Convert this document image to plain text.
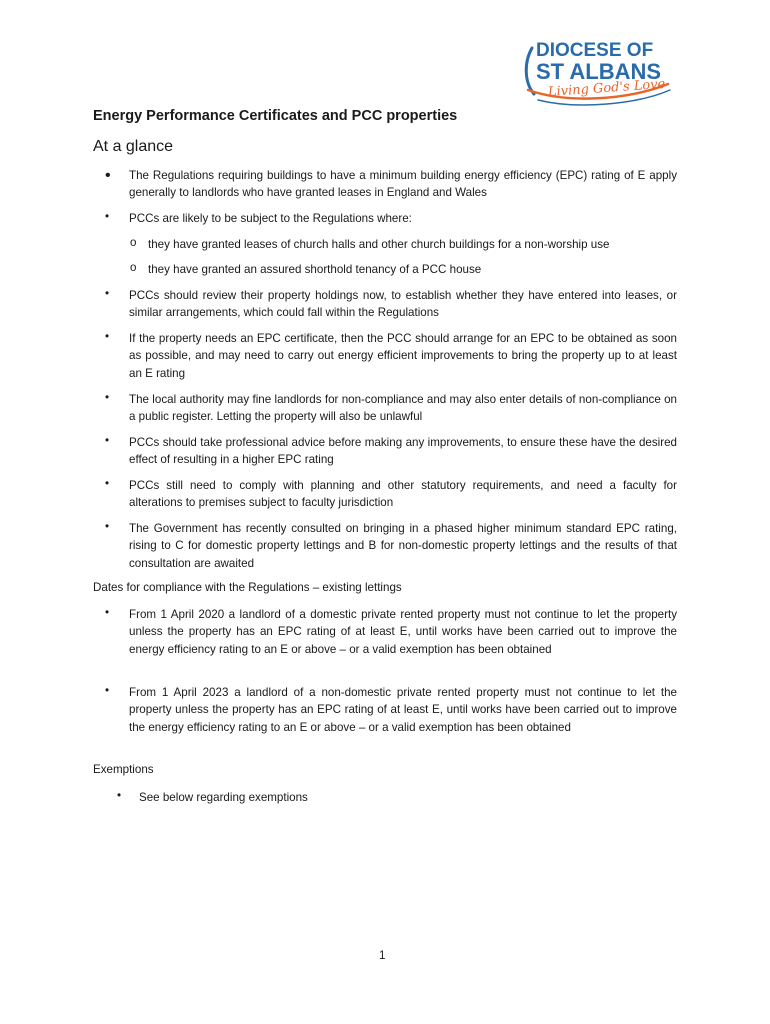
DIOCESE OF
ST ALBANS
Living God's Love
Energy Performance Certificates and PCC properties
At a glance
• The Regulations requiring buildings to have a minimum building energy efficiency (EPC) rating of E apply generally to landlords who have granted leases in England and Wales
• PCCs are likely to be subject to the Regulations where:
o they have granted leases of church halls and other church buildings for a non-worship use
o they have granted an assured shorthold tenancy of a PCC house
• PCCs should review their property holdings now, to establish whether they have entered into leases, or similar arrangements, which could fall within the Regulations
• If the property needs an EPC certificate, then the PCC should arrange for an EPC to be obtained as soon as possible, and may need to carry out energy efficient improvements to bring the property up to at least an E rating
• The local authority may fine landlords for non-compliance and may also enter details of non-compliance on a public register. Letting the property will also be unlawful
• PCCs should take professional advice before making any improvements, to ensure these have the desired effect of resulting in a higher EPC rating
• PCCs still need to comply with planning and other statutory requirements, and need a faculty for alterations to premises subject to faculty jurisdiction
• The Government has recently consulted on bringing in a phased higher minimum standard EPC rating, rising to C for domestic property lettings and B for non-domestic property lettings and the results of that consultation are awaited
Dates for compliance with the Regulations – existing lettings
• From 1 April 2020 a landlord of a domestic private rented property must not continue to let the property unless the property has an EPC rating of at least E, until works have been carried out to improve the energy efficiency rating to an E or above – or a valid exemption has been obtained
• From 1 April 2023 a landlord of a non-domestic private rented property must not continue to let the property unless the property has an EPC rating of at least E, until works have been carried out to improve the energy efficiency rating to an E or above – or a valid exemption has been obtained
Exemptions
• See below regarding exemptions
1
